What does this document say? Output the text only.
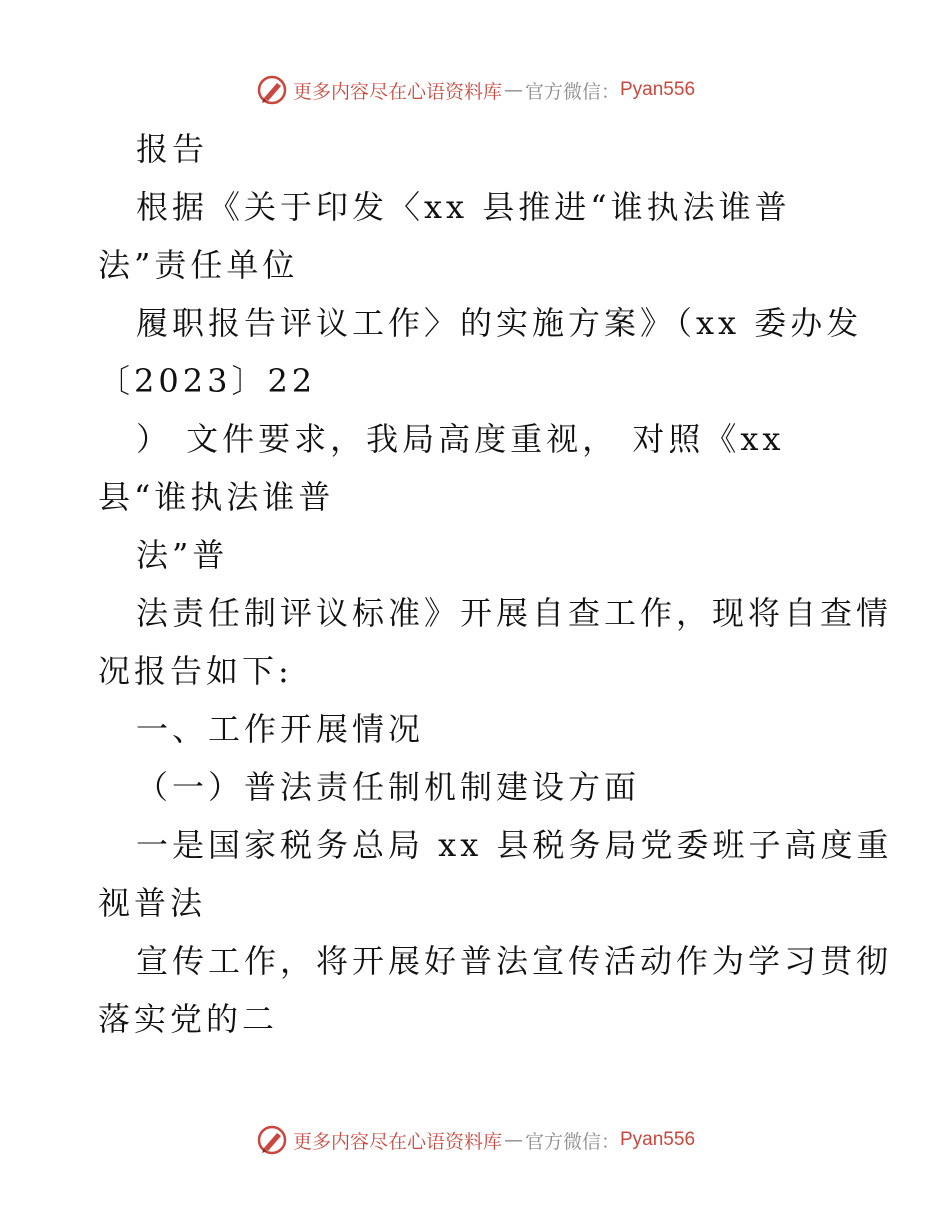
更多内容尽在心语资料库 — 官方微信： Pyan556
报告
根据《关于印发〈xx 县推进“谁执法谁普
法”责任单位
履职报告评议工作〉的实施方案》（xx 委办发
〔2023〕22
） 文件要求，我局高度重视， 对照《xx
县“谁执法谁普
法”普
法责任制评议标准》开展自查工作，现将自查情
况报告如下:
一、工作开展情况
（一）普法责任制机制建设方面
一是国家税务总局 xx 县税务局党委班子高度重
视普法
宣传工作，将开展好普法宣传活动作为学习贯彻
落实党的二
更多内容尽在心语资料库 — 官方微信： Pyan556
